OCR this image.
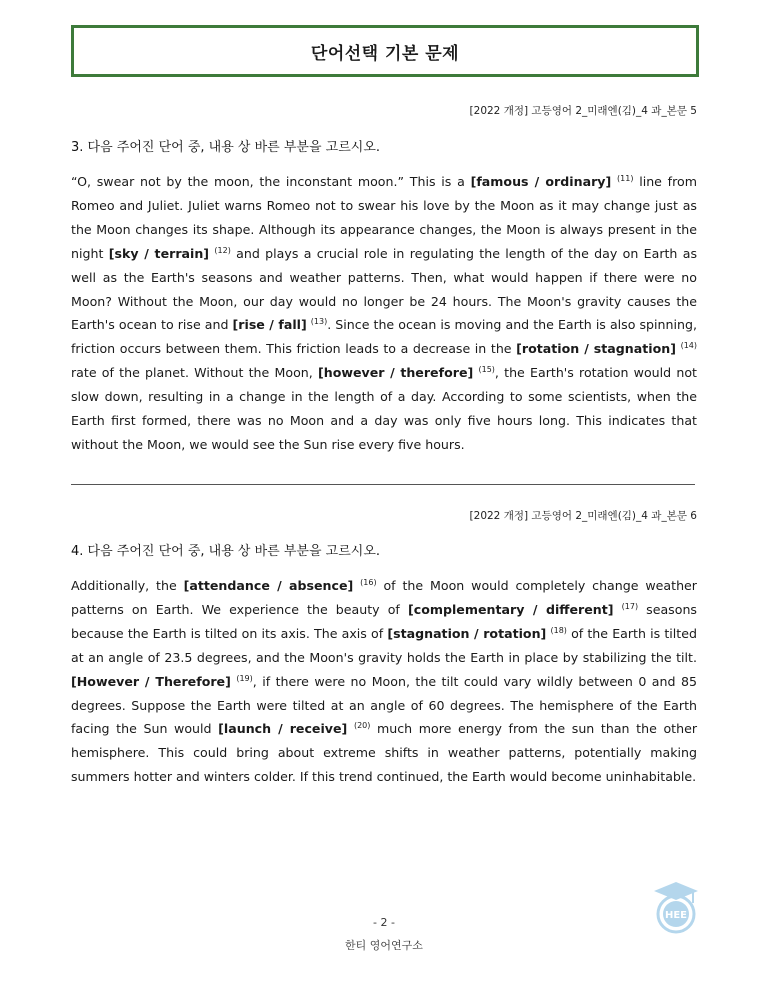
단어선택 기본 문제
[2022 개정] 고등영어 2_미래엔(김)_4 과_본문 5
3. 다음 주어진 단어 중, 내용 상 바른 부분을 고르시오.
“O, swear not by the moon, the inconstant moon.” This is a [famous / ordinary] $^{(11)}$ line from Romeo and Juliet. Juliet warns Romeo not to swear his love by the Moon as it may change just as the Moon changes its shape. Although its appearance changes, the Moon is always present in the night [sky / terrain] $^{(12)}$ and plays a crucial role in regulating the length of the day on Earth as well as the Earth's seasons and weather patterns. Then, what would happen if there were no Moon? Without the Moon, our day would no longer be 24 hours. The Moon's gravity causes the Earth's ocean to rise and [rise / fall] $^{(13)}$. Since the ocean is moving and the Earth is also spinning, friction occurs between them. This friction leads to a decrease in the [rotation / stagnation] $^{(14)}$ rate of the planet. Without the Moon, [however / therefore] $^{(15)}$, the Earth's rotation would not slow down, resulting in a change in the length of a day. According to some scientists, when the Earth first formed, there was no Moon and a day was only five hours long. This indicates that without the Moon, we would see the Sun rise every five hours.
[2022 개정] 고등영어 2_미래엔(김)_4 과_본문 6
4. 다음 주어진 단어 중, 내용 상 바른 부분을 고르시오.
Additionally, the [attendance / absence] $^{(16)}$ of the Moon would completely change weather patterns on Earth. We experience the beauty of [complementary / different] $^{(17)}$ seasons because the Earth is tilted on its axis. The axis of [stagnation / rotation] $^{(18)}$ of the Earth is tilted at an angle of 23.5 degrees, and the Moon's gravity holds the Earth in place by stabilizing the tilt. [However / Therefore] $^{(19)}$, if there were no Moon, the tilt could vary wildly between 0 and 85 degrees. Suppose the Earth were tilted at an angle of 60 degrees. The hemisphere of the Earth facing the Sun would [launch / receive] $^{(20)}$ much more energy from the sun than the other hemisphere. This could bring about extreme shifts in weather patterns, potentially making summers hotter and winters colder. If this trend continued, the Earth would become uninhabitable.
- 2 -
한티 영어연구소
HEE
